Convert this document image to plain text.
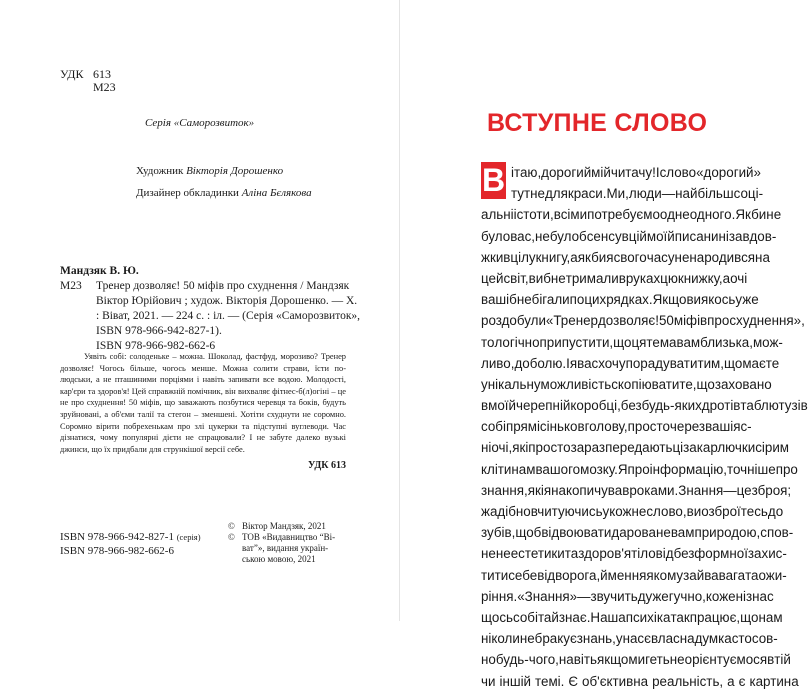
УДК 613
М23
Серія «Саморозвиток»
Художник Вікторія Дорошенко
Дизайнер обкладинки Аліна Бєлякова
Мандзяк В. Ю.
М23	Тренер дозволяє! 50 міфів про схуднення / Мандзяк Віктор Юрійович ; худож. Вікторія Дорошенко. — Х. : Віват, 2021. — 224 с. : іл. — (Серія «Саморозвиток», ISBN 978-966-942-827-1).
ISBN 978-966-982-662-6
Уявіть собі: солоденьке – можна. Шоколад, фастфуд, морозиво? Тренер дозволяє! Чогось більше, чогось менше. Можна солити страви, їсти по-людськи, а не пташиними порціями і навіть запивати все водою. Молодості, кар'єри та здоров'я! Цей справжній помічник, він вихваляє фітнес-б(л)огіні – це не про схуднення! 50 міфів, що заважають позбутися черевця та боків, будуть зруйновані, а об'єми талії та стегон – зменшені. Хотіти схуднути не соромно. Соромно вірити побрехенькам про злі цукерки та підступні вуглеводи. Час дізнатися, чому популярні дієти не спрацювали? І не забуте далеко вузькі джинси, що їх придбали для стрункішої версії себе.
УДК 613
ISBN 978-966-942-827-1 (серія)
ISBN 978-966-982-662-6
© Віктор Мандзяк, 2021
© ТОВ «Видавництво “Ві-
ват”», видання україн-
ською мовою, 2021
ВСТУПНЕ СЛОВО
В ітаю, дорогий мій читачу! І слово «дорогий»
тут не для краси. Ми, люди — найбільш соці-
альні істоти, всі ми потребуємо одне одного. Якби не
було вас, не було б сенсу в цій моїй писанині завдов-
жки в цілу книгу, а якби я свого часу не народився на
цей світ, ви б не тримали в руках цю книжку, а очі
ваші б не бігали по цих рядках. Якщо ви якось уже
роздобули «Тренер дозволяє! 50 міфів про схуднення»,
то логічно припустити, що ця тема вам близька, мож-
ливо, до болю. І я вас хочу порадувати тим, що маєте
унікальну можливість скопіювати те, що заховано
в моїй черепній коробці, без будь-яких дротів та блютузів
собі прямісінько в голову, просто через ваші яс-
ні очі, які просто зараз передають ці закарлючки сірим
клітинам вашого мозку. Я про інформацію, точніше про
знання, які я накопичував роками. Знання — це зброя;
жадібно вчитуючись у кожне слово, ви озброїтесь до
зубів, щоб відвоювати дароване вам природою, спов-
нене естетики та здоров'я тіло від безформної захис-
тити себе від ворога, ймення якому зайва вага та ожи-
ріння. «Знання» — звучить дуже гучно, кожен із нас
щось собі та й знає. Наша психіка так працює, що нам
ніколи не бракує знань, у нас є власна думка стосов-
но будь-чого, навіть якщо ми геть не орієнтуємося в тій
чи іншій темі. Є об'єктивна реальність, а є картина
